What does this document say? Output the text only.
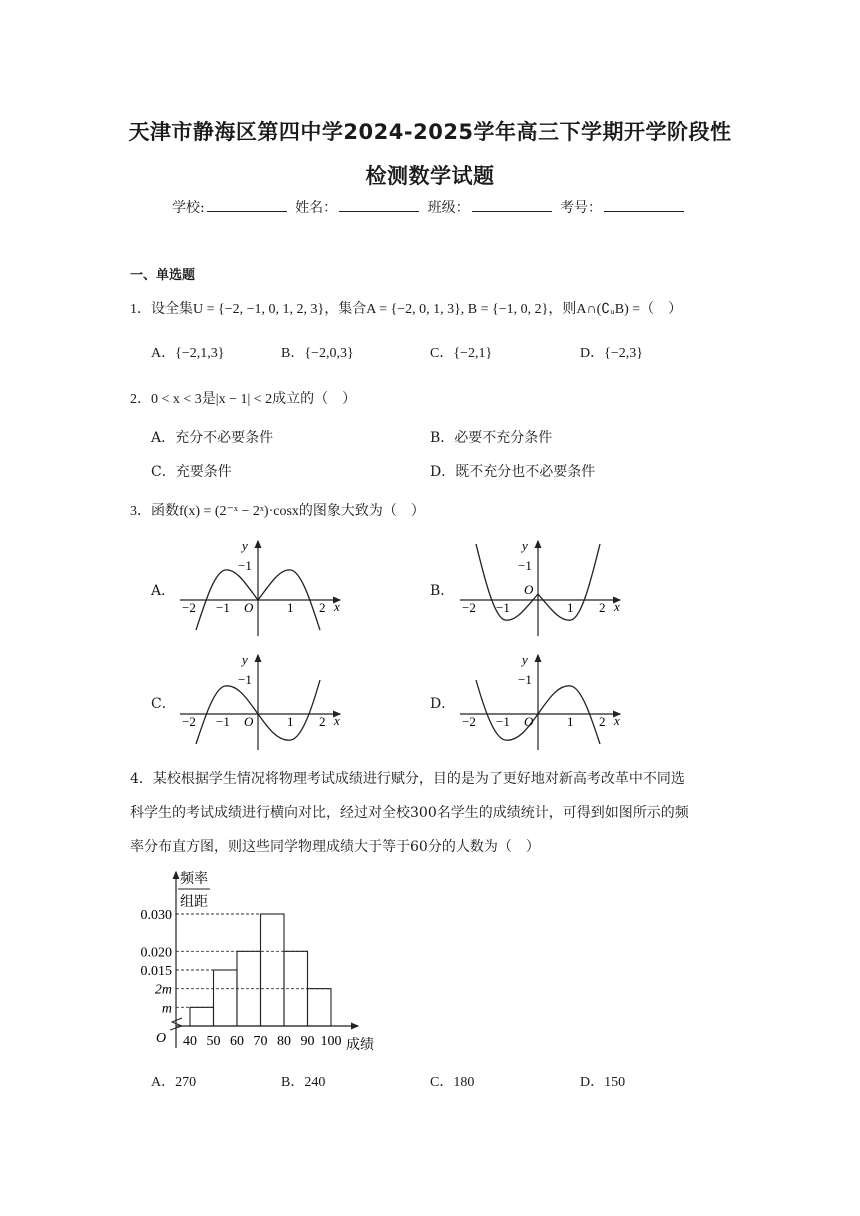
天津市静海区第四中学2024-2025学年高三下学期开学阶段性
检测数学试题
学校:	姓名：	班级：	考号：
一、单选题
1．设全集U = {−2, −1, 0, 1, 2, 3}，集合A = {−2, 0, 1, 3}, B = {−1, 0, 2}，则A∩(∁ᵤB) =（　）
A．{−2,1,3}	B．{−2,0,3}	C．{−2,1}	D．{−2,3}
2．0 < x < 3是|x − 1| < 2成立的（　）
A．充分不必要条件	B．必要不充分条件
C．充要条件	D．既不充分也不必要条件
3．函数f(x) = (2⁻ˣ − 2ˣ)·cosx的图象大致为（　）
A．	B．
C．	D．
y
−1
x
O
−2 −1	1 2
y
−1
x
O
−2 −1	1 2
y
−1
x
O
−2 −1	1 2
y
−1
x
O
−2 −1	1 2
4．某校根据学生情况将物理考试成绩进行赋分，目的是为了更好地对新高考改革中不同选
科学生的考试成绩进行横向对比，经过对全校300名学生的成绩统计，可得到如图所示的频
率分布直方图，则这些同学物理成绩大于等于60分的人数为（　）
频率
组距
0.030
0.020
0.015
2m
m
40 50 60 70 80 90 100
O	成绩
A．270	B．240	C．180	D．150
